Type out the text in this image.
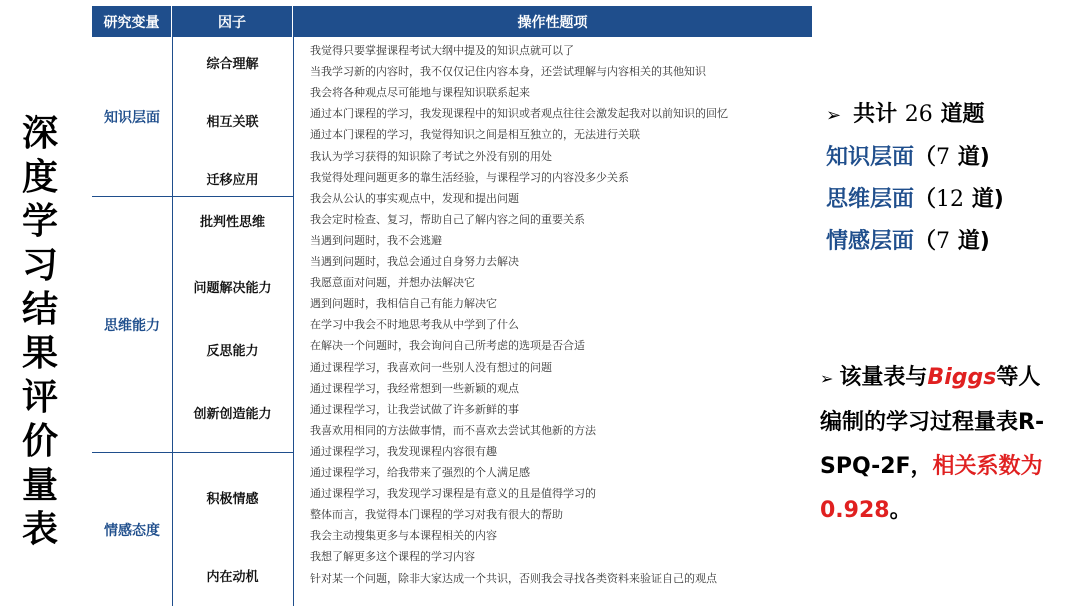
深
度
学
习
结
果
评
价
量
表
研究变量	因子	操作性题项
知识层面
思维能力
情感态度
综合理解
相互关联
迁移应用
批判性思维
问题解决能力
反思能力
创新创造能力
积极情感
内在动机
我觉得只要掌握课程考试大纲中提及的知识点就可以了
当我学习新的内容时，我不仅仅记住内容本身，还尝试理解与内容相关的其他知识
我会将各种观点尽可能地与课程知识联系起来
通过本门课程的学习，我发现课程中的知识或者观点往往会激发起我对以前知识的回忆
通过本门课程的学习，我觉得知识之间是相互独立的，无法进行关联
我认为学习获得的知识除了考试之外没有别的用处
我觉得处理问题更多的靠生活经验，与课程学习的内容没多少关系
我会从公认的事实观点中，发现和提出问题
我会定时检查、复习，帮助自己了解内容之间的重要关系
当遇到问题时，我不会逃避
当遇到问题时，我总会通过自身努力去解决
我愿意面对问题，并想办法解决它
遇到问题时，我相信自己有能力解决它
在学习中我会不时地思考我从中学到了什么
在解决一个问题时，我会询问自己所考虑的选项是否合适
通过课程学习，我喜欢问一些别人没有想过的问题
通过课程学习，我经常想到一些新颖的观点
通过课程学习，让我尝试做了许多新鲜的事
我喜欢用相同的方法做事情，而不喜欢去尝试其他新的方法
通过课程学习，我发现课程内容很有趣
通过课程学习，给我带来了强烈的个人满足感
通过课程学习，我发现学习课程是有意义的且是值得学习的
整体而言，我觉得本门课程的学习对我有很大的帮助
我会主动搜集更多与本课程相关的内容
我想了解更多这个课程的学习内容
针对某一个问题，除非大家达成一个共识，否则我会寻找各类资料来验证自己的观点
➢ 共计 26 道题
知识层面（7 道)
思维层面（12 道)
情感层面（7 道)
➢ 该量表与Biggs等人编制的学习过程量表R-SPQ-2F，相关系数为0.928。
